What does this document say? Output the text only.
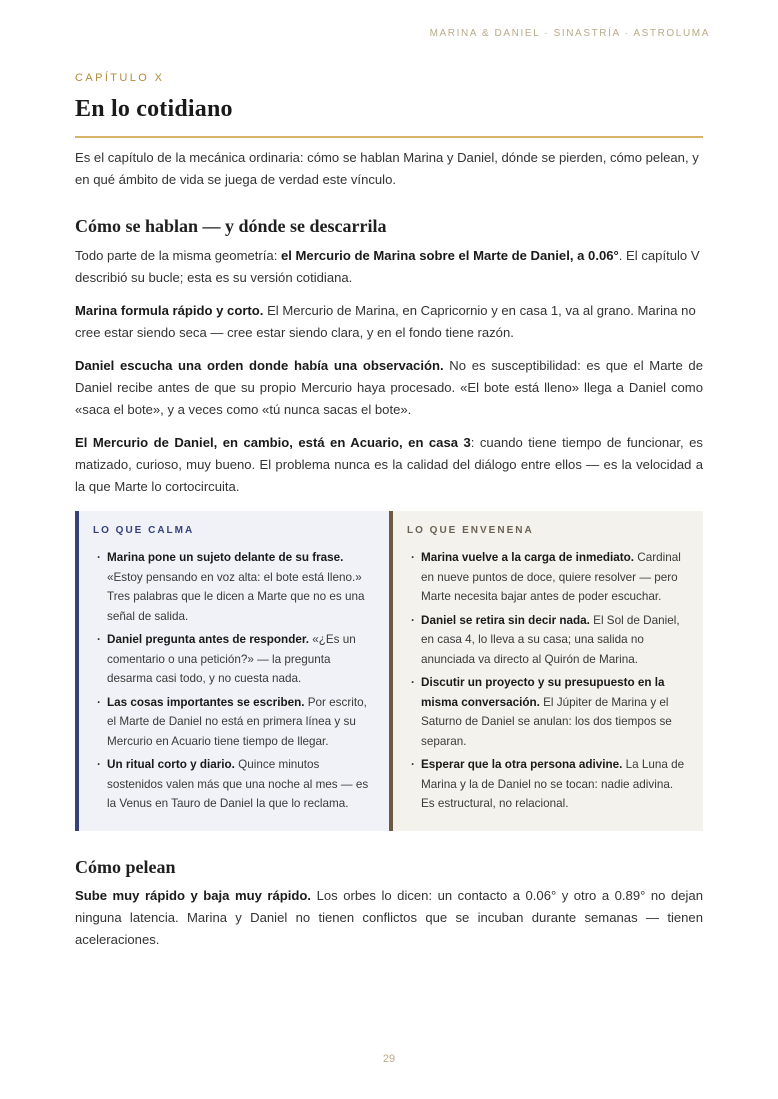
MARINA & DANIEL · SINASTRÍA · ASTROLUMA
CAPÍTULO X
En lo cotidiano

Es el capítulo de la mecánica ordinaria: cómo se hablan Marina y Daniel, dónde se pierden, cómo pelean, y en qué ámbito de vida se juega de verdad este vínculo.

Cómo se hablan — y dónde se descarrila

Todo parte de la misma geometría: el Mercurio de Marina sobre el Marte de Daniel, a 0.06°. El capítulo V describió su bucle; esta es su versión cotidiana.

Marina formula rápido y corto. El Mercurio de Marina, en Capricornio y en casa 1, va al grano. Marina no cree estar siendo seca — cree estar siendo clara, y en el fondo tiene razón.

Daniel escucha una orden donde había una observación. No es susceptibilidad: es que el Marte de Daniel recibe antes de que su propio Mercurio haya procesado. «El bote está lleno» llega a Daniel como «saca el bote», y a veces como «tú nunca sacas el bote».

El Mercurio de Daniel, en cambio, está en Acuario, en casa 3: cuando tiene tiempo de funcionar, es matizado, curioso, muy bueno. El problema nunca es la calidad del diálogo entre ellos — es la velocidad a la que Marte lo cortocircuita.

LO QUE CALMA
· Marina pone un sujeto delante de su frase. «Estoy pensando en voz alta: el bote está lleno.» Tres palabras que le dicen a Marte que no es una señal de salida.
· Daniel pregunta antes de responder. «¿Es un comentario o una petición?» — la pregunta desarma casi todo, y no cuesta nada.
· Las cosas importantes se escriben. Por escrito, el Marte de Daniel no está en primera línea y su Mercurio en Acuario tiene tiempo de llegar.
· Un ritual corto y diario. Quince minutos sostenidos valen más que una noche al mes — es la Venus en Tauro de Daniel la que lo reclama.
LO QUE ENVENENA
· Marina vuelve a la carga de inmediato. Cardinal en nueve puntos de doce, quiere resolver — pero Marte necesita bajar antes de poder escuchar.
· Daniel se retira sin decir nada. El Sol de Daniel, en casa 4, lo lleva a su casa; una salida no anunciada va directo al Quirón de Marina.
· Discutir un proyecto y su presupuesto en la misma conversación. El Júpiter de Marina y el Saturno de Daniel se anulan: los dos tiempos se separan.
· Esperar que la otra persona adivine. La Luna de Marina y la de Daniel no se tocan: nadie adivina. Es estructural, no relacional.
Cómo pelean

Sube muy rápido y baja muy rápido. Los orbes lo dicen: un contacto a 0.06° y otro a 0.89° no dejan ninguna latencia. Marina y Daniel no tienen conflictos que se incuban durante semanas — tienen aceleraciones.

29
